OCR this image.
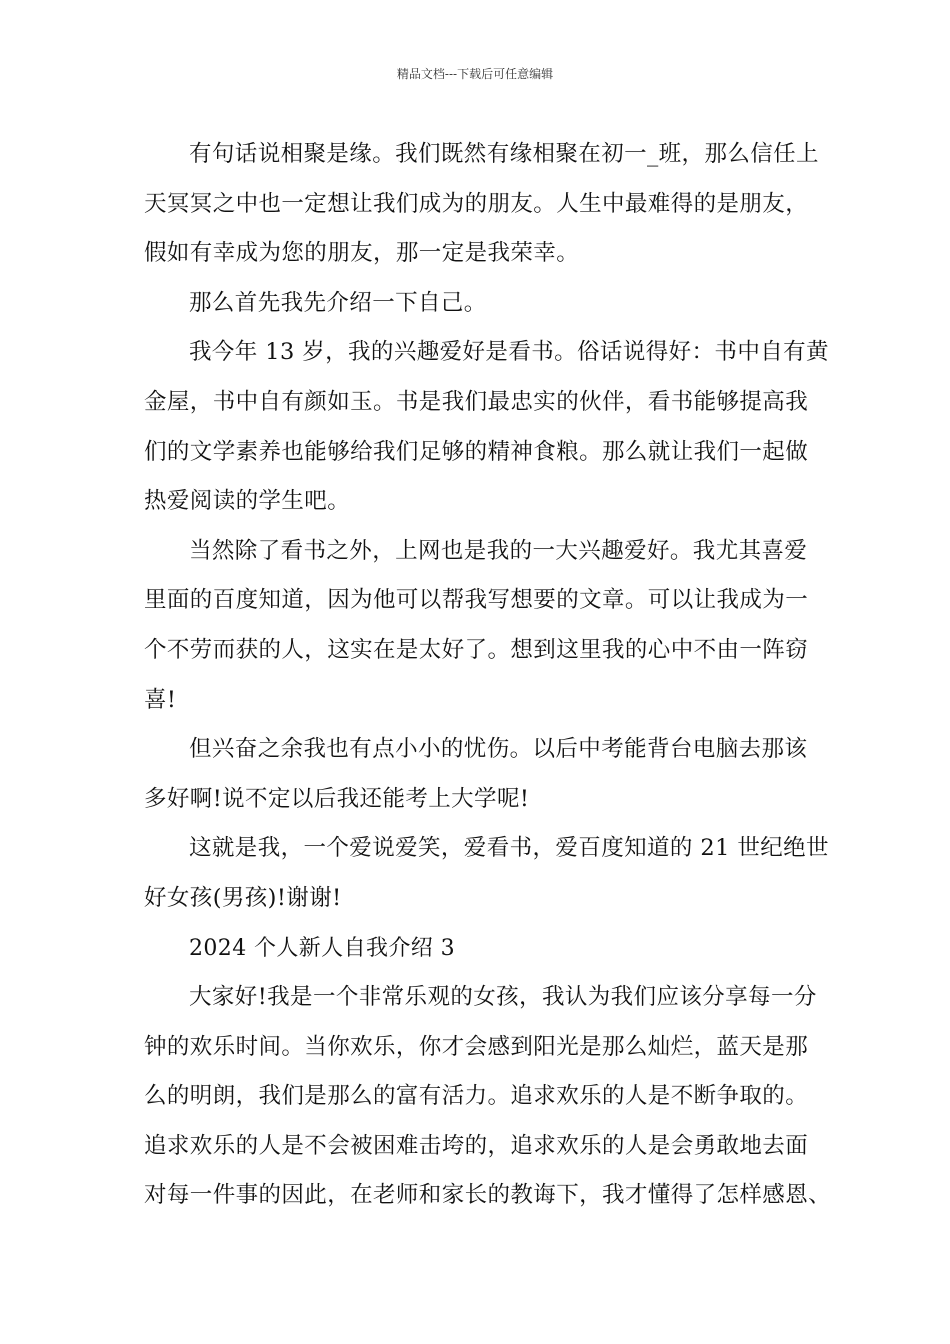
精品文档---下载后可任意编辑
有句话说相聚是缘。我们既然有缘相聚在初一_班，那么信任上
天冥冥之中也一定想让我们成为的朋友。人生中最难得的是朋友，
假如有幸成为您的朋友，那一定是我荣幸。
那么首先我先介绍一下自己。
我今年 13 岁，我的兴趣爱好是看书。俗话说得好：书中自有黄
金屋，书中自有颜如玉。书是我们最忠实的伙伴，看书能够提高我
们的文学素养也能够给我们足够的精神食粮。那么就让我们一起做
热爱阅读的学生吧。
当然除了看书之外，上网也是我的一大兴趣爱好。我尤其喜爱
里面的百度知道，因为他可以帮我写想要的文章。可以让我成为一
个不劳而获的人，这实在是太好了。想到这里我的心中不由一阵窃
喜!
但兴奋之余我也有点小小的忧伤。以后中考能背台电脑去那该
多好啊!说不定以后我还能考上大学呢!
这就是我，一个爱说爱笑，爱看书，爱百度知道的 21 世纪绝世
好女孩(男孩)!谢谢!
2024 个人新人自我介绍 3
大家好!我是一个非常乐观的女孩，我认为我们应该分享每一分
钟的欢乐时间。当你欢乐，你才会感到阳光是那么灿烂，蓝天是那
么的明朗，我们是那么的富有活力。追求欢乐的人是不断争取的。
追求欢乐的人是不会被困难击垮的，追求欢乐的人是会勇敢地去面
对每一件事的因此，在老师和家长的教诲下，我才懂得了怎样感恩、
